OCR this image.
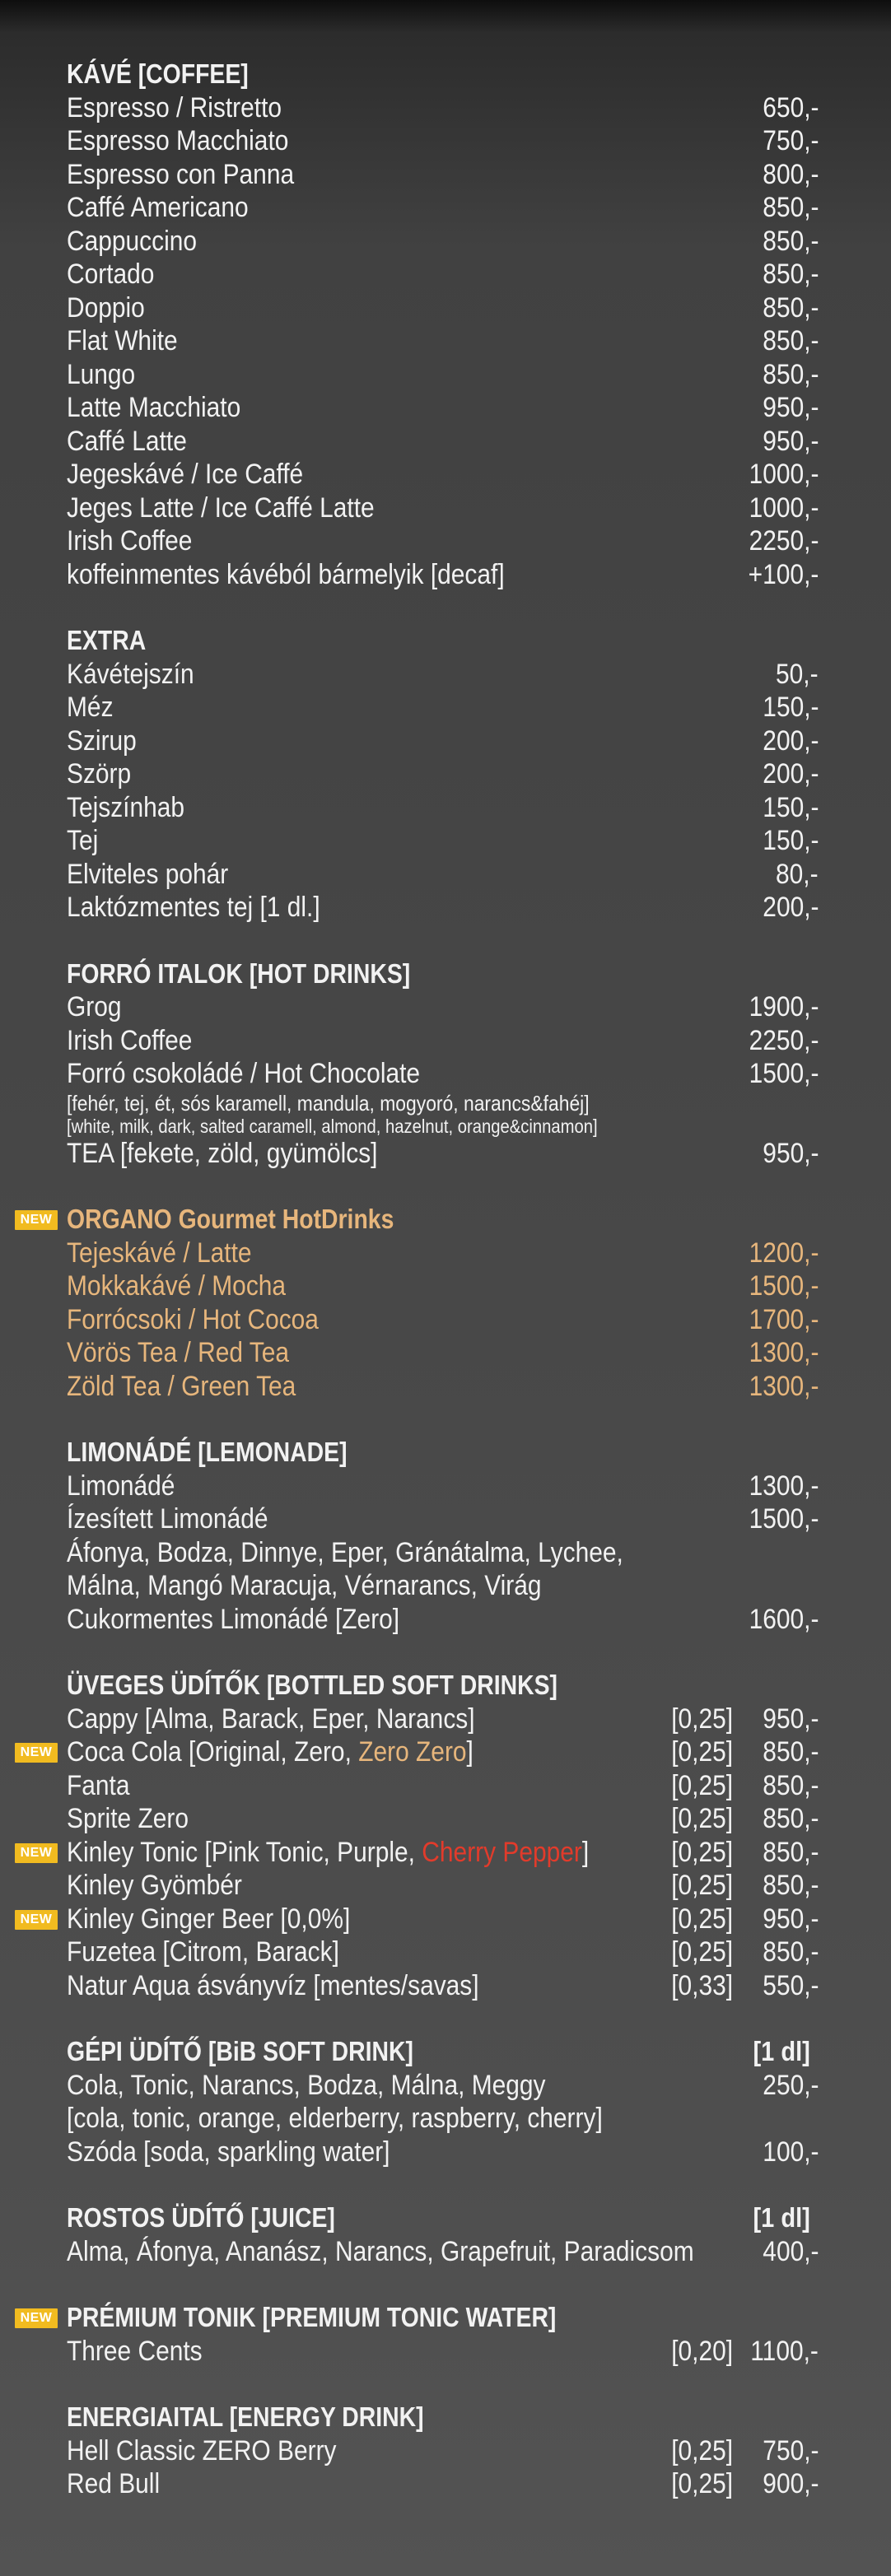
KÁVÉ [COFFEE]
Espresso / Ristretto	650,-
Espresso Macchiato	750,-
Espresso con Panna	800,-
Caffé Americano	850,-
Cappuccino	850,-
Cortado	850,-
Doppio	850,-
Flat White	850,-
Lungo	850,-
Latte Macchiato	950,-
Caffé Latte	950,-
Jegeskávé / Ice Caffé	1000,-
Jeges Latte / Ice Caffé Latte	1000,-
Irish Coffee	2250,-
koffeinmentes kávéból bármelyik [decaf]	+100,-
EXTRA
Kávétejszín	50,-
Méz	150,-
Szirup	200,-
Szörp	200,-
Tejszínhab	150,-
Tej	150,-
Elviteles pohár	80,-
Laktózmentes tej [1 dl.]	200,-
FORRÓ ITALOK [HOT DRINKS]
Grog	1900,-
Irish Coffee	2250,-
Forró csokoládé / Hot Chocolate	1500,-
[fehér, tej, ét, sós karamell, mandula, mogyoró, narancs&fahéj]
[white, milk, dark, salted caramell, almond, hazelnut, orange&cinnamon]
TEA [fekete, zöld, gyümölcs]	950,-
NEW ORGANO Gourmet HotDrinks
Tejeskávé / Latte	1200,-
Mokkakávé / Mocha	1500,-
Forrócsoki / Hot Cocoa	1700,-
Vörös Tea / Red Tea	1300,-
Zöld Tea / Green Tea	1300,-
LIMONÁDÉ [LEMONADE]
Limonádé	1300,-
Ízesített Limonádé	1500,-
Áfonya, Bodza, Dinnye, Eper, Gránátalma, Lychee,
Málna, Mangó Maracuja, Vérnarancs, Virág
Cukormentes Limonádé [Zero]	1600,-
ÜVEGES ÜDÍTŐK [BOTTLED SOFT DRINKS]
Cappy [Alma, Barack, Eper, Narancs]	[0,25] 950,-
NEW Coca Cola [Original, Zero, Zero Zero]	[0,25] 850,-
Fanta	[0,25] 850,-
Sprite Zero	[0,25] 850,-
NEW Kinley Tonic [Pink Tonic, Purple, Cherry Pepper]	[0,25] 850,-
Kinley Gyömbér	[0,25] 850,-
NEW Kinley Ginger Beer [0,0%]	[0,25] 950,-
Fuzetea [Citrom, Barack]	[0,25] 850,-
Natur Aqua ásványvíz [mentes/savas]	[0,33] 550,-
GÉPI ÜDÍTŐ [BiB SOFT DRINK]	[1 dl]
Cola, Tonic, Narancs, Bodza, Málna, Meggy	250,-
[cola, tonic, orange, elderberry, raspberry, cherry]
Szóda [soda, sparkling water]	100,-
ROSTOS ÜDÍTŐ [JUICE]	[1 dl]
Alma, Áfonya, Ananász, Narancs, Grapefruit, Paradicsom 400,-
NEW PRÉMIUM TONIK [PREMIUM TONIC WATER]
Three Cents	[0,20] 1100,-
ENERGIAITAL [ENERGY DRINK]
Hell Classic ZERO Berry	[0,25] 750,-
Red Bull	[0,25] 900,-
